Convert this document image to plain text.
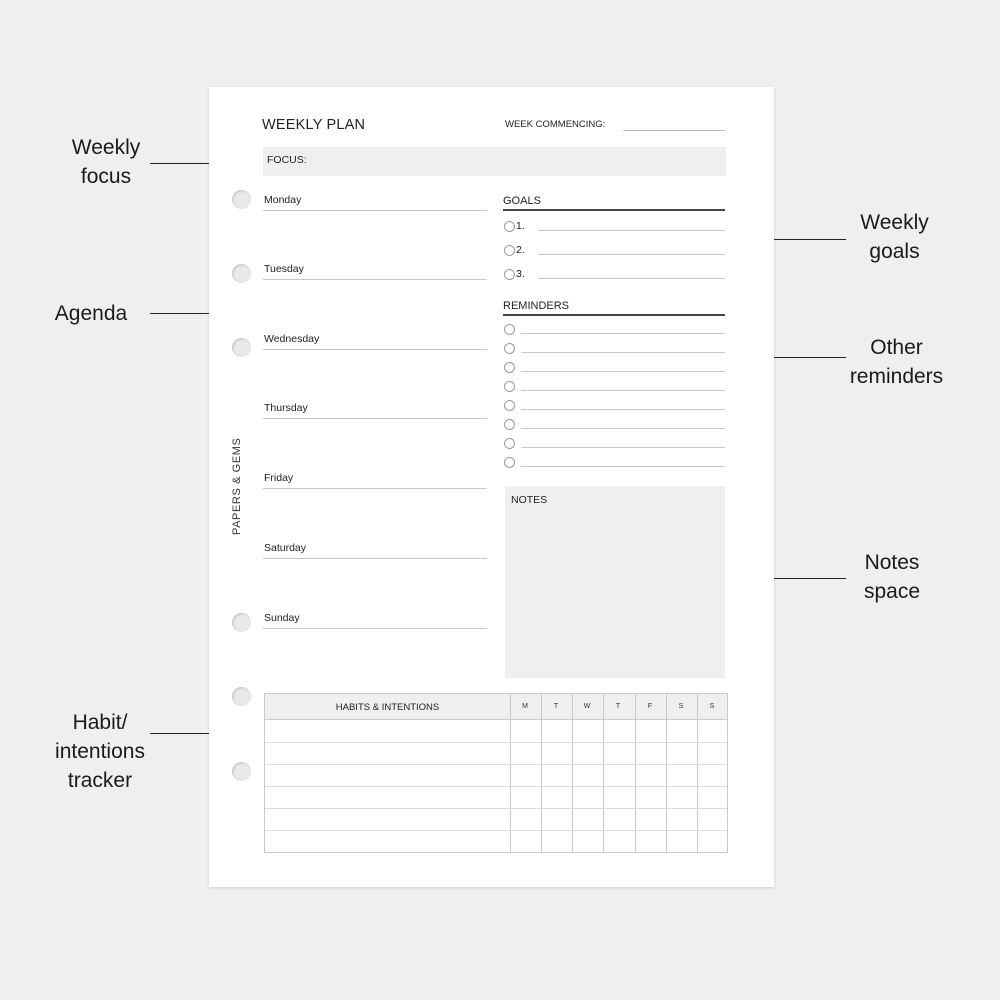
Weekly
focus
Agenda
Habit/
intentions
tracker
Weekly
goals
Other
reminders
Notes
space
PAPERS & GEMS
WEEKLY PLAN	WEEK COMMENCING:
FOCUS:
Monday
Tuesday
Wednesday
Thursday
Friday
Saturday
Sunday
GOALS
1.
2.
3.
REMINDERS
NOTES
HABITS & INTENTIONS	M	T	W	T	F	S	S
